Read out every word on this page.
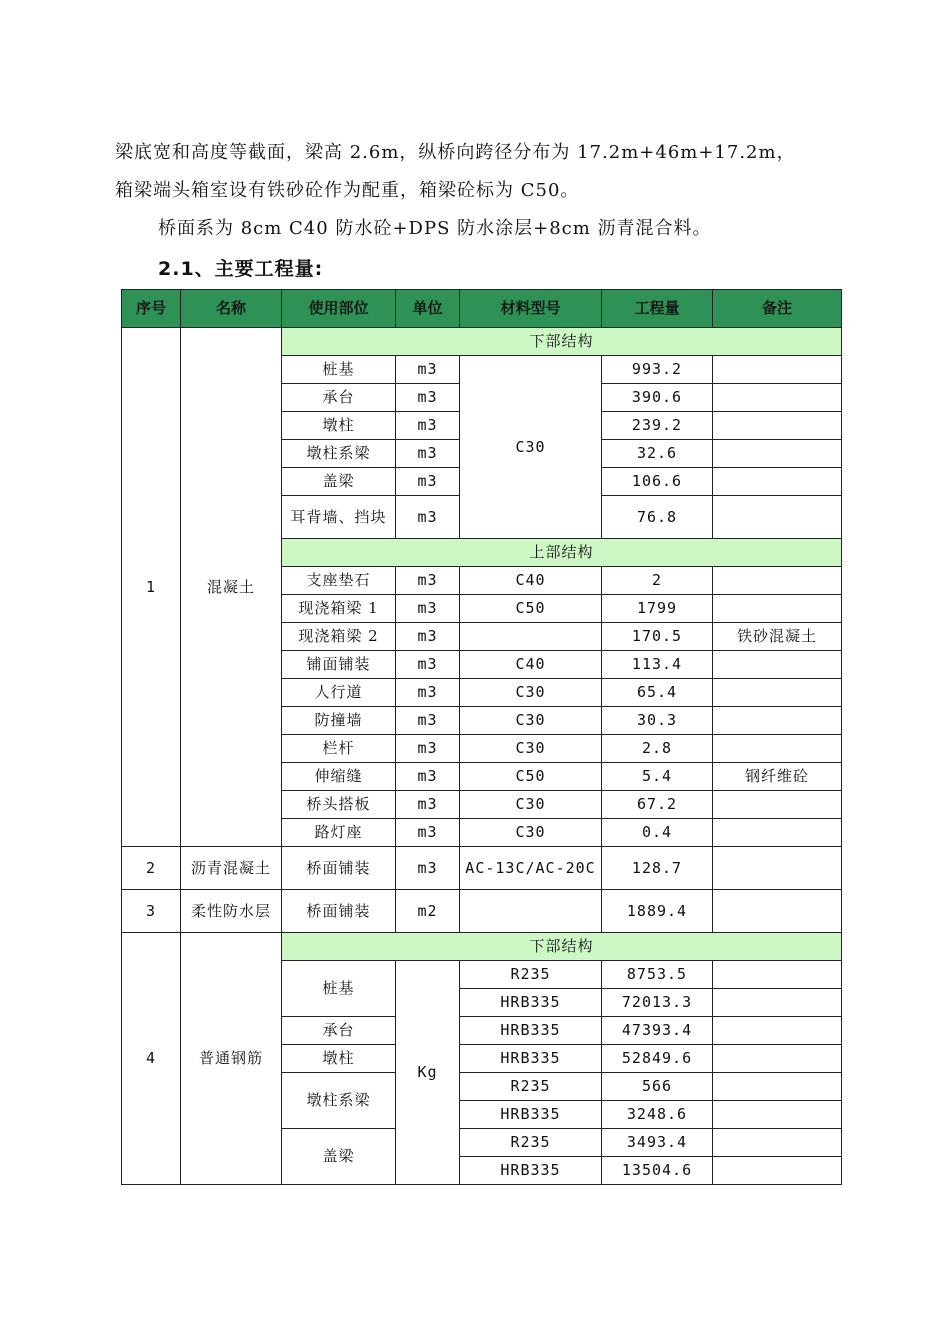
梁底宽和高度等截面，梁高 2.6m，纵桥向跨径分布为 17.2m+46m+17.2m，
箱梁端头箱室设有铁砂砼作为配重，箱梁砼标为 C50。
桥面系为 8cm C40 防水砼+DPS 防水涂层+8cm 沥青混合料。
2.1、主要工程量:
序号	名称	使用部位	单位	材料型号	工程量	备注
1	混凝土	下部结构				
		桩基	m3	C30	993.2	
		承台	m3		390.6	
		墩柱	m3		239.2	
		墩柱系梁	m3		32.6	
		盖梁	m3		106.6	
		耳背墙、挡块	m3		76.8	
		上部结构				
		支座垫石	m3	C40	2	
		现浇箱梁 1	m3	C50	1799	
		现浇箱梁 2	m3		170.5	铁砂混凝土
		铺面铺装	m3	C40	113.4	
		人行道	m3	C30	65.4	
		防撞墙	m3	C30	30.3	
		栏杆	m3	C30	2.8	
		伸缩缝	m3	C50	5.4	钢纤维砼
		桥头搭板	m3	C30	67.2	
		路灯座	m3	C30	0.4	
2	沥青混凝土	桥面铺装	m3	AC-13C/AC-20C	128.7	
3	柔性防水层	桥面铺装	m2		1889.4	
4	普通钢筋	下部结构				
		桩基	Kg	R235	8753.5	
				HRB335	72013.3	
		承台		HRB335	47393.4	
		墩柱		HRB335	52849.6	
		墩柱系梁		R235	566	
				HRB335	3248.6	
		盖梁		R235	3493.4	
				HRB335	13504.6	
